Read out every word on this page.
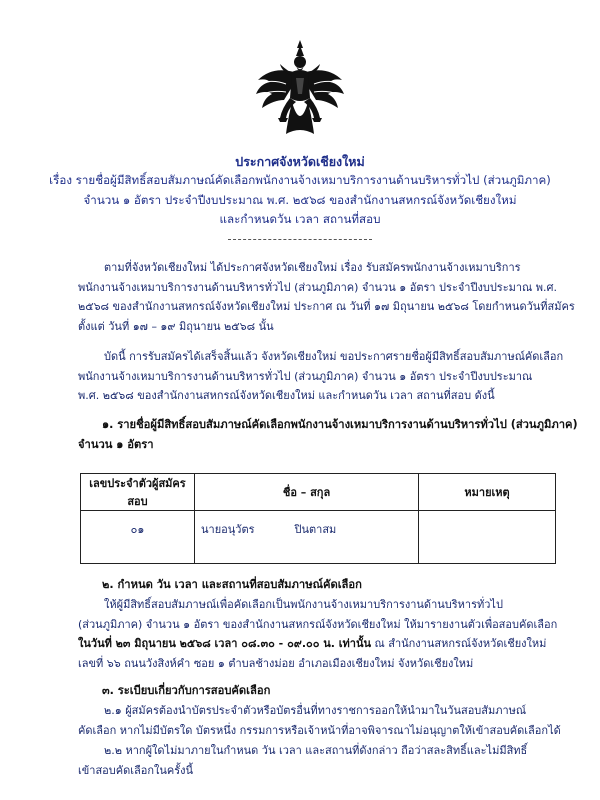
ประกาศจังหวัดเชียงใหม่
เรื่อง รายชื่อผู้มีสิทธิ์สอบสัมภาษณ์คัดเลือกพนักงานจ้างเหมาบริการงานด้านบริหารทั่วไป (ส่วนภูมิภาค)
จำนวน ๑ อัตรา ประจำปีงบประมาณ พ.ศ. ๒๕๖๘ ของสำนักงานสหกรณ์จังหวัดเชียงใหม่
และกำหนดวัน เวลา สถานที่สอบ
ตามที่จังหวัดเชียงใหม่ ได้ประกาศจังหวัดเชียงใหม่ เรื่อง รับสมัครพนักงานจ้างเหมาบริการ
พนักงานจ้างเหมาบริการงานด้านบริหารทั่วไป (ส่วนภูมิภาค) จำนวน ๑ อัตรา ประจำปีงบประมาณ พ.ศ.
๒๕๖๘ ของสำนักงานสหกรณ์จังหวัดเชียงใหม่ ประกาศ ณ วันที่ ๑๗ มิถุนายน ๒๕๖๘ โดยกำหนดวันที่สมัคร
ตั้งแต่ วันที่ ๑๗ – ๑๙ มิถุนายน ๒๕๖๘ นั้น
บัดนี้ การรับสมัครได้เสร็จสิ้นแล้ว จังหวัดเชียงใหม่ ขอประกาศรายชื่อผู้มีสิทธิ์สอบสัมภาษณ์คัดเลือก
พนักงานจ้างเหมาบริการงานด้านบริหารทั่วไป (ส่วนภูมิภาค) จำนวน ๑ อัตรา ประจำปีงบประมาณ
พ.ศ. ๒๕๖๘ ของสำนักงานสหกรณ์จังหวัดเชียงใหม่ และกำหนดวัน เวลา สถานที่สอบ ดังนี้
๑. รายชื่อผู้มีสิทธิ์สอบสัมภาษณ์คัดเลือกพนักงานจ้างเหมาบริการงานด้านบริหารทั่วไป (ส่วนภูมิภาค)
จำนวน ๑ อัตรา
เลขประจำตัวผู้สมัครสอบ	ชื่อ – สกุล	หมายเหตุ
๐๑	นายอนุวัตร ปินตาสม	
๒. กำหนด วัน เวลา และสถานที่สอบสัมภาษณ์คัดเลือก
ให้ผู้มีสิทธิ์สอบสัมภาษณ์เพื่อคัดเลือกเป็นพนักงานจ้างเหมาบริการงานด้านบริหารทั่วไป
(ส่วนภูมิภาค) จำนวน ๑ อัตรา ของสำนักงานสหกรณ์จังหวัดเชียงใหม่ ให้มารายงานตัวเพื่อสอบคัดเลือก
ในวันที่ ๒๓ มิถุนายน ๒๕๖๘ เวลา ๐๘.๓๐ - ๐๙.๐๐ น. เท่านั้น ณ สำนักงานสหกรณ์จังหวัดเชียงใหม่
เลขที่ ๖๖ ถนนวังสิงห์คำ ซอย ๑ ตำบลช้างม่อย อำเภอเมืองเชียงใหม่ จังหวัดเชียงใหม่
๓. ระเบียบเกี่ยวกับการสอบคัดเลือก
๒.๑ ผู้สมัครต้องนำบัตรประจำตัวหรือบัตรอื่นที่ทางราชการออกให้นำมาในวันสอบสัมภาษณ์
คัดเลือก หากไม่มีบัตรใด บัตรหนึ่ง กรรมการหรือเจ้าหน้าที่อาจพิจารณาไม่อนุญาตให้เข้าสอบคัดเลือกได้
๒.๒ หากผู้ใดไม่มาภายในกำหนด วัน เวลา และสถานที่ดังกล่าว ถือว่าสละสิทธิ์และไม่มีสิทธิ์
เข้าสอบคัดเลือกในครั้งนี้
